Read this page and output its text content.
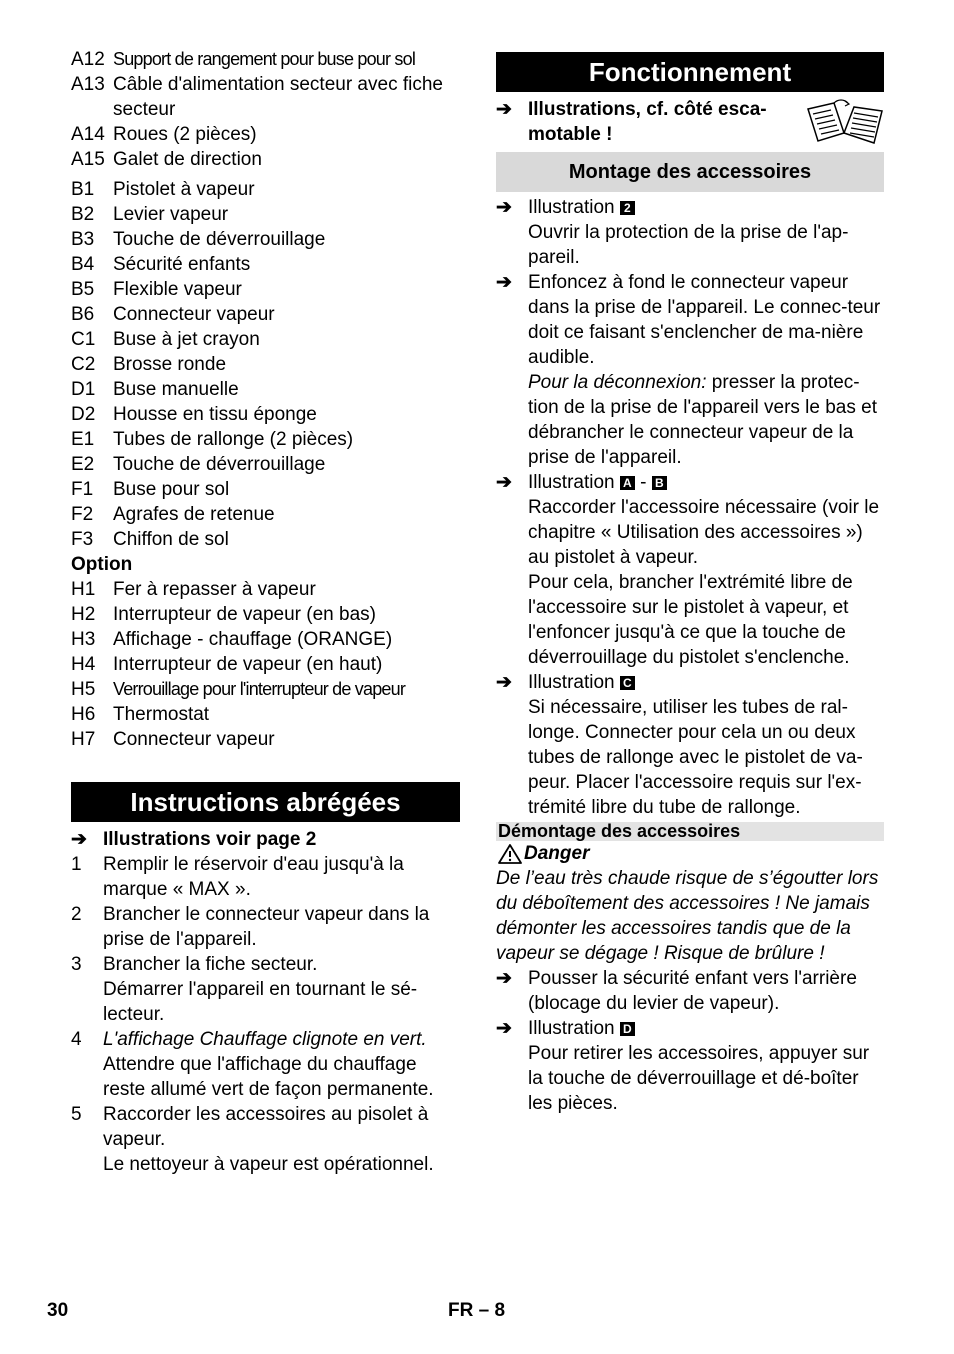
A12 Support de rangement pour buse pour sol
A13 Câble d'alimentation secteur avec fiche secteur
A14 Roues (2 pièces)
A15 Galet de direction
B1 Pistolet à vapeur
B2 Levier vapeur
B3 Touche de déverrouillage
B4 Sécurité enfants
B5 Flexible vapeur
B6 Connecteur vapeur
C1 Buse à jet crayon
C2 Brosse ronde
D1 Buse manuelle
D2 Housse en tissu éponge
E1 Tubes de rallonge (2 pièces)
E2 Touche de déverrouillage
F1	Buse pour sol
F2	Agrafes de retenue
F3	Chiffon de sol
Option
H1 Fer à repasser à vapeur
H2 Interrupteur de vapeur (en bas)
H3 Affichage - chauffage (ORANGE)
H4 Interrupteur de vapeur (en haut)
H5 Verrouillage pour l'interrupteur de vapeur
H6 Thermostat
H7 Connecteur vapeur
Instructions abrégées
➔ Illustrations voir page 2
1	Remplir le réservoir d'eau jusqu'à la marque « MAX ».
2	Brancher le connecteur vapeur dans la prise de l'appareil.
3	Brancher la fiche secteur.
Démarrer l'appareil en tournant le sé-lecteur.
4	L'affichage Chauffage clignote en vert.
Attendre que l'affichage du chauffage reste allumé vert de façon permanente.
5	Raccorder les accessoires au pisolet à vapeur.
Le nettoyeur à vapeur est opérationnel.
Fonctionnement
➔ Illustrations, cf. côté esca-motable !
Montage des accessoires
➔ Illustration 2
Ouvrir la protection de la prise de l'ap-pareil.
➔ Enfoncez à fond le connecteur vapeur dans la prise de l'appareil. Le connec-teur doit ce faisant s'enclencher de ma-nière audible.
Pour la déconnexion: presser la protec-tion de la prise de l'appareil vers le bas et débrancher le connecteur vapeur de la prise de l'appareil.
➔ Illustration A - B
Raccorder l'accessoire nécessaire (voir le chapitre « Utilisation des accessoires ») au pistolet à vapeur.
Pour cela, brancher l'extrémité libre de l'accessoire sur le pistolet à vapeur, et l'enfoncer jusqu'à ce que la touche de déverrouillage du pistolet s'enclenche.
➔ Illustration C
Si nécessaire, utiliser les tubes de ral-longe. Connecter pour cela un ou deux tubes de rallonge avec le pistolet de va-peur. Placer l'accessoire requis sur l'ex-trémité libre du tube de rallonge.
Démontage des accessoires
Danger
De l’eau très chaude risque de s’égoutter lors du déboîtement des accessoires ! Ne jamais démonter les accessoires tandis que de la vapeur se dégage ! Risque de brûlure !
➔ Pousser la sécurité enfant vers l'arrière (blocage du levier de vapeur).
➔ Illustration D
Pour retirer les accessoires, appuyer sur la touche de déverrouillage et dé-boîter les pièces.
30	FR – 8
